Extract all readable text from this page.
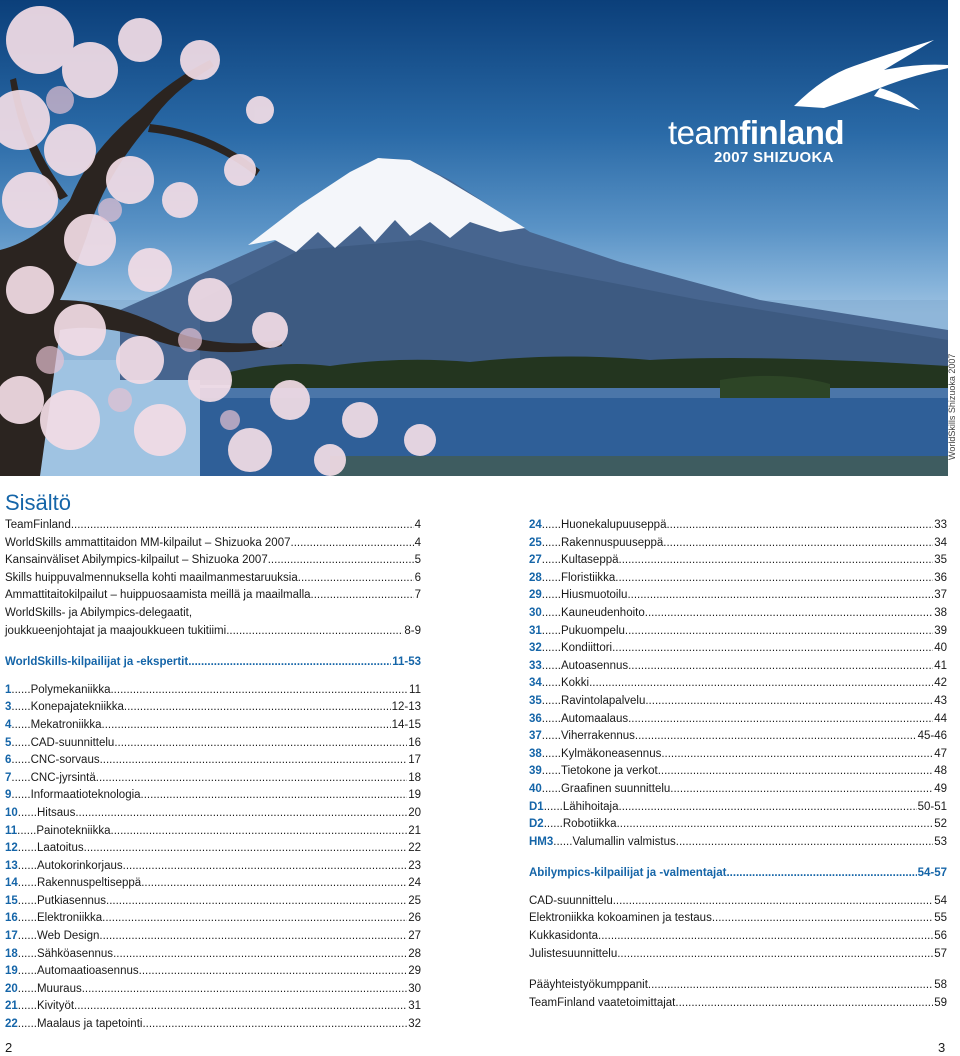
teamfinland
2007 SHIZUOKA
WorldSkills Shizuoka 2007
Sisältö
TeamFinland .....	4
WorldSkills ammattitaidon MM-kilpailut – Shizuoka 2007 .....	4
Kansainväliset Abilympics-kilpailut – Shizuoka 2007 .....	5
Skills huippuvalmennuksella kohti maailmanmestaruuksia .....	6
Ammattitaitokilpailut – huippuosaamista meillä ja maailmalla .....	7
WorldSkills- ja Abilympics-delegaatit,
joukkueenjohtajat ja maajoukkueen tukitiimi .....	8-9
WorldSkills-kilpailijat ja -ekspertit .....	11-53
1 ...... Polymekaniikka .....	11
3 ...... Konepajatekniikka .....	12-13
4 ...... Mekatroniikka .....	14-15
5 ...... CAD-suunnittelu .....	16
6 ...... CNC-sorvaus .....	17
7 ...... CNC-jyrsintä .....	18
9 ...... Informaatioteknologia .....	19
10 ...... Hitsaus .....	20
11 ...... Painotekniikka .....	21
12 ...... Laatoitus .....	22
13 ...... Autokorinkorjaus .....	23
14 ...... Rakennuspeltiseppä .....	24
15 ...... Putkiasennus .....	25
16 ...... Elektroniikka .....	26
17 ...... Web Design .....	27
18 ...... Sähköasennus .....	28
19 ...... Automaatioasennus .....	29
20 ...... Muuraus .....	30
21 ...... Kivityöt .....	31
22 ...... Maalaus ja tapetointi .....	32
24 ...... Huonekalupuuseppä .....	33
25 ...... Rakennuspuuseppä .....	34
27 ...... Kultaseppä .....	35
28 ...... Floristiikka .....	36
29 ...... Hiusmuotoilu .....	37
30 ...... Kauneudenhoito .....	38
31 ...... Pukuompelu .....	39
32 ...... Kondiittori .....	40
33 ...... Autoasennus .....	41
34 ...... Kokki .....	42
35 ...... Ravintolapalvelu .....	43
36 ...... Automaalaus .....	44
37 ...... Viherrakennus .....	45-46
38 ...... Kylmäkoneasennus .....	47
39 ...... Tietokone ja verkot .....	48
40 ...... Graafinen suunnittelu .....	49
D1 ...... Lähihoitaja .....	50-51
D2 ...... Robotiikka .....	52
HM3 ...... Valumallin valmistus .....	53
Abilympics-kilpailijat ja -valmentajat .....	54-57
CAD-suunnittelu .....	54
Elektroniikka kokoaminen ja testaus .....	55
Kukkasidonta .....	56
Julistesuunnittelu .....	57
Pääyhteistyökumppanit .....	58
TeamFinland vaatetoimittajat .....	59
2	3
